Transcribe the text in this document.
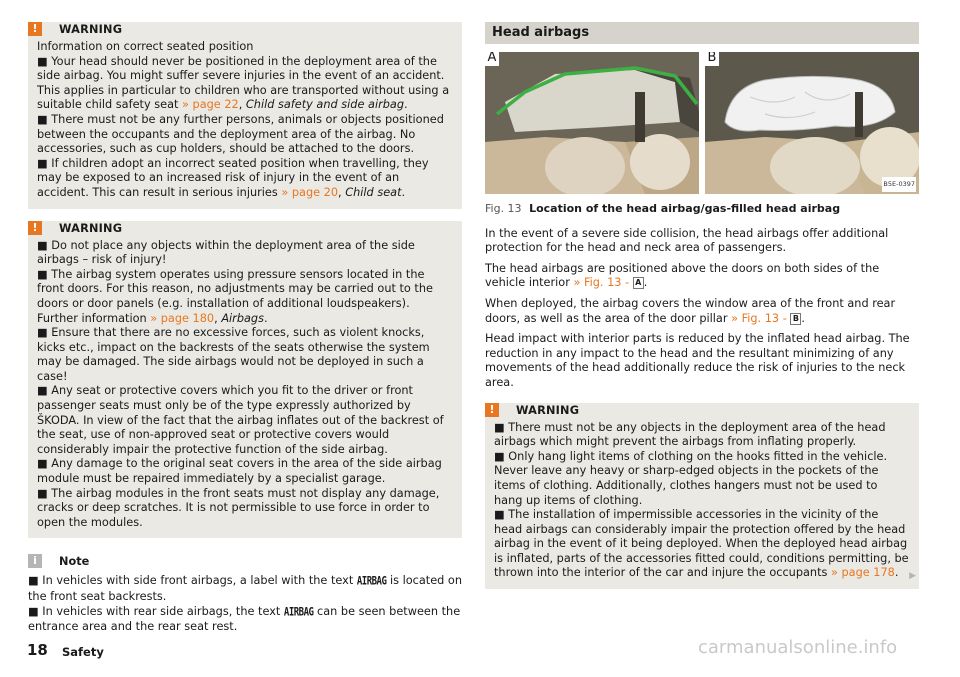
!	WARNING

Information on correct seated position

■ Your head should never be positioned in the deployment area of the side airbag. You might suffer severe injuries in the event of an accident. This applies in particular to children who are transported without using a suitable child safety seat » page 22, Child safety and side airbag.

■ There must not be any further persons, animals or objects positioned between the occupants and the deployment area of the airbag. No accessories, such as cup holders, should be attached to the doors.

■ If children adopt an incorrect seated position when travelling, they may be exposed to an increased risk of injury in the event of an accident. This can result in serious injuries » page 20, Child seat.

!	WARNING

■ Do not place any objects within the deployment area of the side airbags – risk of injury!

■ The airbag system operates using pressure sensors located in the front doors. For this reason, no adjustments may be carried out to the doors or door panels (e.g. installation of additional loudspeakers). Further information » page 180, Airbags.

■ Ensure that there are no excessive forces, such as violent knocks, kicks etc., impact on the backrests of the seats otherwise the system may be damaged. The side airbags would not be deployed in such a case!

■ Any seat or protective covers which you fit to the driver or front passenger seats must only be of the type expressly authorized by ŠKODA. In view of the fact that the airbag inflates out of the backrest of the seat, use of non-approved seat or protective covers would considerably impair the protective function of the side airbag.

■ Any damage to the original seat covers in the area of the side airbag module must be repaired immediately by a specialist garage.

■ The airbag modules in the front seats must not display any damage, cracks or deep scratches. It is not permissible to use force in order to open the modules.

i	Note

■ In vehicles with side front airbags, a label with the text AIRBAG is located on the front seat backrests.

■ In vehicles with rear side airbags, the text AIRBAG can be seen between the entrance area and the rear seat rest.

Head airbags
A	B
B5E-0397
Fig. 13 Location of the head airbag/gas-filled head airbag

In the event of a severe side collision, the head airbags offer additional protection for the head and neck area of passengers.

The head airbags are positioned above the doors on both sides of the vehicle interior » Fig. 13 - A .

When deployed, the airbag covers the window area of the front and rear doors, as well as the area of the door pillar » Fig. 13 - B .

Head impact with interior parts is reduced by the inflated head airbag. The reduction in any impact to the head and the resultant minimizing of any movements of the head additionally reduce the risk of injuries to the neck area.

!	WARNING

■ There must not be any objects in the deployment area of the head airbags which might prevent the airbags from inflating properly.

■ Only hang light items of clothing on the hooks fitted in the vehicle. Never leave any heavy or sharp-edged objects in the pockets of the items of clothing. Additionally, clothes hangers must not be used to hang up items of clothing.

■ The installation of impermissible accessories in the vicinity of the head airbags can considerably impair the protection offered by the head airbag in the event of it being deployed. When the deployed head airbag is inflated, parts of the accessories fitted could, conditions permitting, be thrown into the interior of the car and injure the occupants » page 178.	▶
18 Safety	carmanualsonline.info
